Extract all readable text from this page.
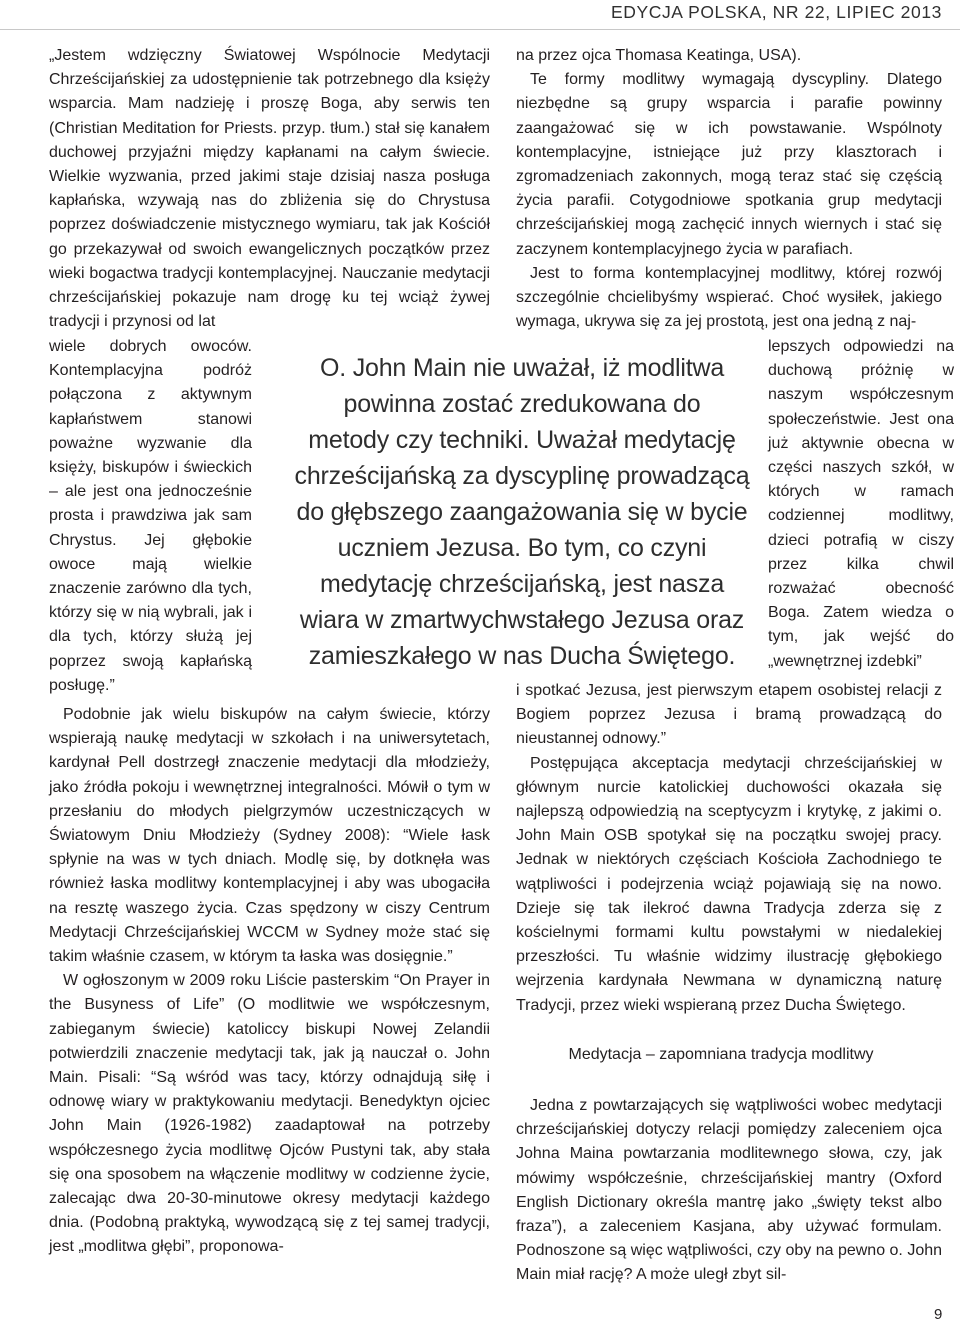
EDYCJA POLSKA, NR 22, LIPIEC 2013

„Jestem wdzięczny Światowej Wspólnocie Medytacji Chrześcijańskiej za udostępnienie tak potrzebnego dla księży wsparcia. Mam nadzieję i proszę Boga, aby serwis ten (Christian Meditation for Priests. przyp. tłum.) stał się kanałem duchowej przyjaźni między kapłanami na całym świecie. Wielkie wyzwania, przed jakimi staje dzisiaj nasza posługa kapłańska, wzywają nas do zbliżenia się do Chrystusa poprzez doświadczenie mistycznego wymiaru, tak jak Kościół go przekazywał od swoich ewangelicznych początków przez wieki bogactwa tradycji kontemplacyjnej. Nauczanie medytacji chrześcijańskiej pokazuje nam drogę ku tej wciąż żywej tradycji i przynosi od lat

wiele dobrych owoców. Kontemplacyjna podróż połączona z aktywnym kapłaństwem stanowi poważne wyzwanie dla księży, biskupów i świeckich – ale jest ona jednocześnie prosta i prawdziwa jak sam Chrystus. Jej głębokie owoce mają wielkie znaczenie zarówno dla tych, którzy się w nią wybrali, jak i dla tych, którzy służą jej poprzez swoją kapłańską posługę.”

Podobnie jak wielu biskupów na całym świecie, którzy wspierają naukę medytacji w szkołach i na uniwersytetach, kardynał Pell dostrzegł znaczenie medytacji dla młodzieży, jako źródła pokoju i wewnętrznej integralności. Mówił o tym w przesłaniu do młodych pielgrzymów uczestniczących w Światowym Dniu Młodzieży (Sydney 2008): “Wiele łask spłynie na was w tych dniach. Modlę się, by dotknęła was również łaska modlitwy kontemplacyjnej i aby was ubogaciła na resztę waszego życia. Czas spędzony w ciszy Centrum Medytacji Chrześcijańskiej WCCM w Sydney może stać się takim właśnie czasem, w którym ta łaska was dosięgnie.”

W ogłoszonym w 2009 roku Liście pasterskim “On Prayer in the Busyness of Life” (O modlitwie we współczesnym, zabieganym świecie) katoliccy biskupi Nowej Zelandii potwierdzili znaczenie medytacji tak, jak ją nauczał o. John Main. Pisali: “Są wśród was tacy, którzy odnajdują siłę i odnowę wiary w praktykowaniu medytacji. Benedyktyn ojciec John Main (1926-1982) zaadaptował na potrzeby współczesnego życia modlitwę Ojców Pustyni tak, aby stała się ona sposobem na włączenie modlitwy w codzienne życie, zalecając dwa 20-30-minutowe okresy medytacji każdego dnia. (Podobną praktyką, wywodzącą się z tej samej tradycji, jest „modlitwa głębi”, proponowa-

na przez ojca Thomasa Keatinga, USA).

Te formy modlitwy wymagają dyscypliny. Dlatego niezbędne są grupy wsparcia i parafie powinny zaangażować się w ich powstawanie. Wspólnoty kontemplacyjne, istniejące już przy klasztorach i zgromadzeniach zakonnych, mogą teraz stać się częścią życia parafii. Cotygodniowe spotkania grup medytacji chrześcijańskiej mogą zachęcić innych wiernych i stać się zaczynem kontemplacyjnego życia w parafiach.

Jest to forma kontemplacyjnej modlitwy, której rozwój szczególnie chcielibyśmy wspierać. Choć wysiłek, jakiego wymaga, ukrywa się za jej prostotą, jest ona jedną z naj-

lepszych odpowiedzi na duchową próżnię w naszym współczesnym społeczeństwie. Jest ona już aktywnie obecna w części naszych szkół, w których w ramach codziennej modlitwy, dzieci potrafią w ciszy przez kilka chwil rozważać obecność Boga. Zatem wiedza o tym, jak wejść do „wewnętrznej izdebki”

i spotkać Jezusa, jest pierwszym etapem osobistej relacji z Bogiem poprzez Jezusa i bramą prowadzącą do nieustannej odnowy.”

Postępująca akceptacja medytacji chrześcijańskiej w głównym nurcie katolickiej duchowości okazała się najlepszą odpowiedzią na sceptycyzm i krytykę, z jakimi o. John Main OSB spotykał się na początku swojej pracy. Jednak w niektórych częściach Kościoła Zachodniego te wątpliwości i podejrzenia wciąż pojawiają się na nowo. Dzieje się tak ilekroć dawna Tradycja zderza się z kościelnymi formami kultu powstałymi w niedalekiej przeszłości. Tu właśnie widzimy ilustrację głębokiego wejrzenia kardynała Newmana w dynamiczną naturę Tradycji, przez wieki wspieraną przez Ducha Świętego.

Medytacja – zapomniana tradycja modlitwy

Jedna z powtarzających się wątpliwości wobec medytacji chrześcijańskiej dotyczy relacji pomiędzy zaleceniem ojca Johna Maina powtarzania modlitewnego słowa, czy, jak mówimy współcześnie, chrześcijańskiej mantry (Oxford English Dictionary określa mantrę jako „święty tekst albo fraza”), a zaleceniem Kasjana, aby używać formulam. Podnoszone są więc wątpliwości, czy oby na pewno o. John Main miał rację? A może uległ zbyt sil-

O. John Main nie uważał, iż modlitwa
powinna zostać zredukowana do
metody czy techniki. Uważał medytację
chrześcijańską za dyscyplinę prowadzącą
do głębszego zaangażowania się w bycie
uczniem Jezusa. Bo tym, co czyni
medytację chrześcijańską, jest nasza
wiara w zmartwychwstałego Jezusa oraz
zamieszkałego w nas Ducha Świętego.
9
